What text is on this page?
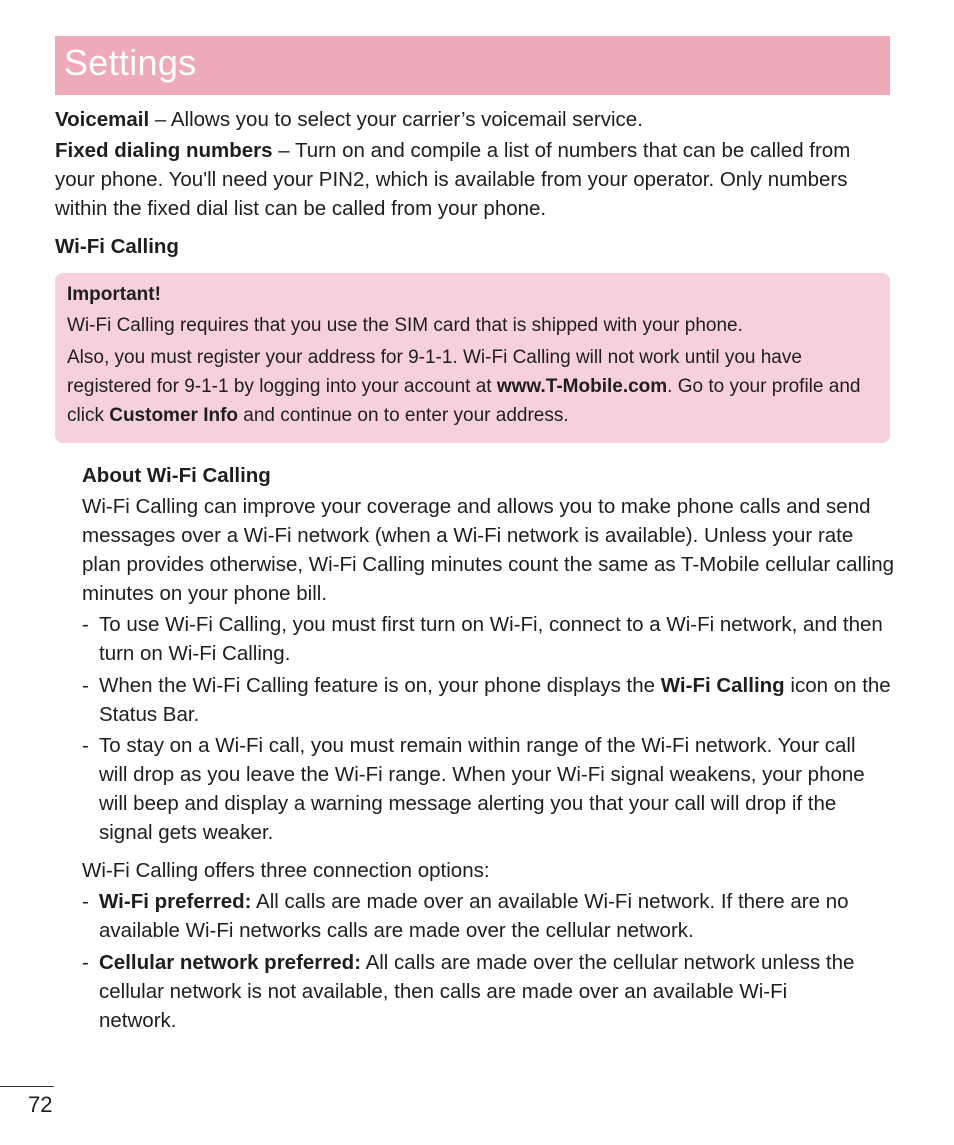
Settings

Voicemail – Allows you to select your carrier’s voicemail service.

Fixed dialing numbers – Turn on and compile a list of numbers that can be called from your phone. You'll need your PIN2, which is available from your operator. Only numbers within the fixed dial list can be called from your phone.

Wi-Fi Calling

Important!

Wi-Fi Calling requires that you use the SIM card that is shipped with your phone.

Also, you must register your address for 9-1-1. Wi-Fi Calling will not work until you have registered for 9-1-1 by logging into your account at www.T-Mobile.com. Go to your profile and click Customer Info and continue on to enter your address.

About Wi-Fi Calling

Wi-Fi Calling can improve your coverage and allows you to make phone calls and send messages over a Wi-Fi network (when a Wi-Fi network is available). Unless your rate plan provides otherwise, Wi-Fi Calling minutes count the same as T-Mobile cellular calling minutes on your phone bill.

- To use Wi-Fi Calling, you must first turn on Wi-Fi, connect to a Wi-Fi network, and then turn on Wi-Fi Calling.
- When the Wi-Fi Calling feature is on, your phone displays the Wi-Fi Calling icon on the Status Bar.
- To stay on a Wi-Fi call, you must remain within range of the Wi-Fi network. Your call will drop as you leave the Wi-Fi range. When your Wi-Fi signal weakens, your phone will beep and display a warning message alerting you that your call will drop if the signal gets weaker.

Wi-Fi Calling offers three connection options:

- Wi-Fi preferred: All calls are made over an available Wi-Fi network. If there are no available Wi-Fi networks calls are made over the cellular network.
- Cellular network preferred: All calls are made over the cellular network unless the cellular network is not available, then calls are made over an available Wi-Fi network.

72
